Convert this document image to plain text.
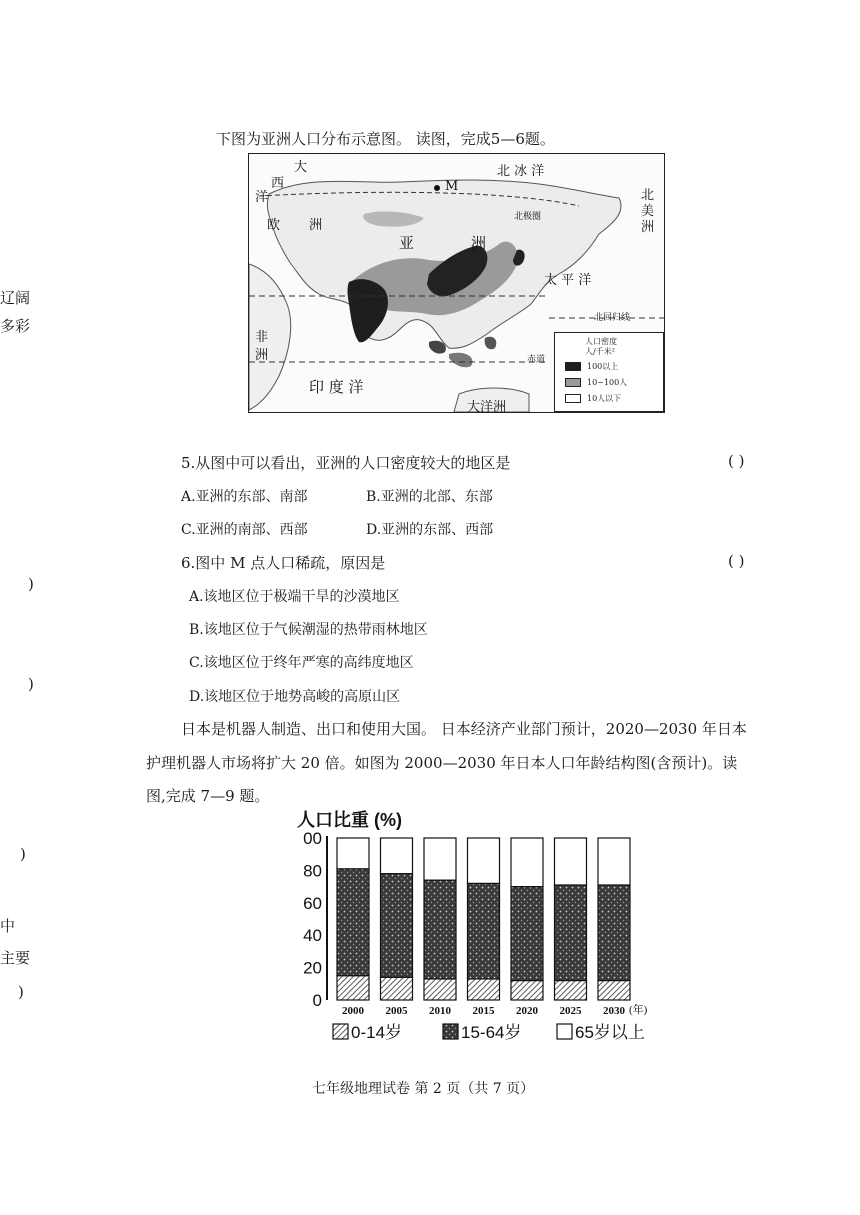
辽阔
多彩
)
)
)
中
主要
)
下图为亚洲人口分布示意图。 读图，完成5—6题。
大
西
洋
北 冰 洋
M
北极圈
欧 洲
亚	洲
太 平 洋
北回归线
非
洲
印 度 洋
赤道
大洋洲
北
美
洲
人口密度
人/千米²
100以上
10~100人
10人以下
5.从图中可以看出，亚洲的人口密度较大的地区是	( )
A.亚洲的东部、南部	B.亚洲的北部、东部
C.亚洲的南部、西部	D.亚洲的东部、西部
6.图中 M 点人口稀疏，原因是	( )
A.该地区位于极端干旱的沙漠地区
B.该地区位于气候潮湿的热带雨林地区
C.该地区位于终年严寒的高纬度地区
D.该地区位于地势高峻的高原山区
日本是机器人制造、出口和使用大国。 日本经济产业部门预计，2020—2030 年日本
护理机器人市场将扩大 20 倍。如图为 2000—2030 年日本人口年龄结构图(含预计)。读
图,完成 7—9 题。
人口比重 (%)
0
20
40
60
80
00
2000 2005 2010 2015 2020 2025 2030 (年)
0-14岁	15-64岁	65岁以上
七年级地理试卷 第 2 页（共 7 页）
